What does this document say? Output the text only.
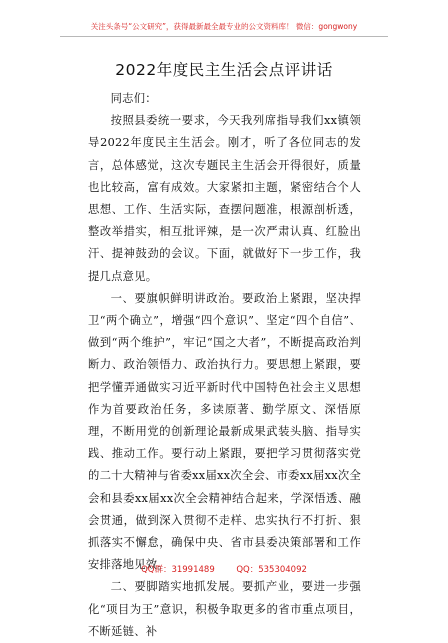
关注头条号“公文研究”，获得最新最全最专业的公文资料库！ 微信：gongwony
2022年度民主生活会点评讲话

同志们：

按照县委统一要求，今天我列席指导我们xx镇领导2022年度民主生活会。刚才，听了各位同志的发言，总体感觉，这次专题民主生活会开得很好，质量也比较高，富有成效。大家紧扣主题，紧密结合个人思想、工作、生活实际，查摆问题准，根源剖析透，整改举措实，相互批评辣，是一次严肃认真、红脸出汗、提神鼓劲的会议。下面，就做好下一步工作，我提几点意见。

一、要旗帜鲜明讲政治。要政治上紧跟，坚决捍卫“两个确立”，增强“四个意识”、坚定“四个自信”、做到“两个维护”，牢记“国之大者”，不断提高政治判断力、政治领悟力、政治执行力。要思想上紧跟，要把学懂弄通做实习近平新时代中国特色社会主义思想作为首要政治任务，多读原著、勤学原文、深悟原理，不断用党的创新理论最新成果武装头脑、指导实践、推动工作。要行动上紧跟，要把学习贯彻落实党的二十大精神与省委xx届xx次全会、市委xx届xx次全会和县委xx届xx次全会精神结合起来，学深悟透、融会贯通，做到深入贯彻不走样、忠实执行不打折、狠抓落实不懈怠，确保中央、省市县委决策部署和工作安排落地见效。

二、要脚踏实地抓发展。要抓产业，要进一步强化“项目为王”意识，积极争取更多的省市重点项目，不断延链、补

QQ群：31991489        QQ：535304092
